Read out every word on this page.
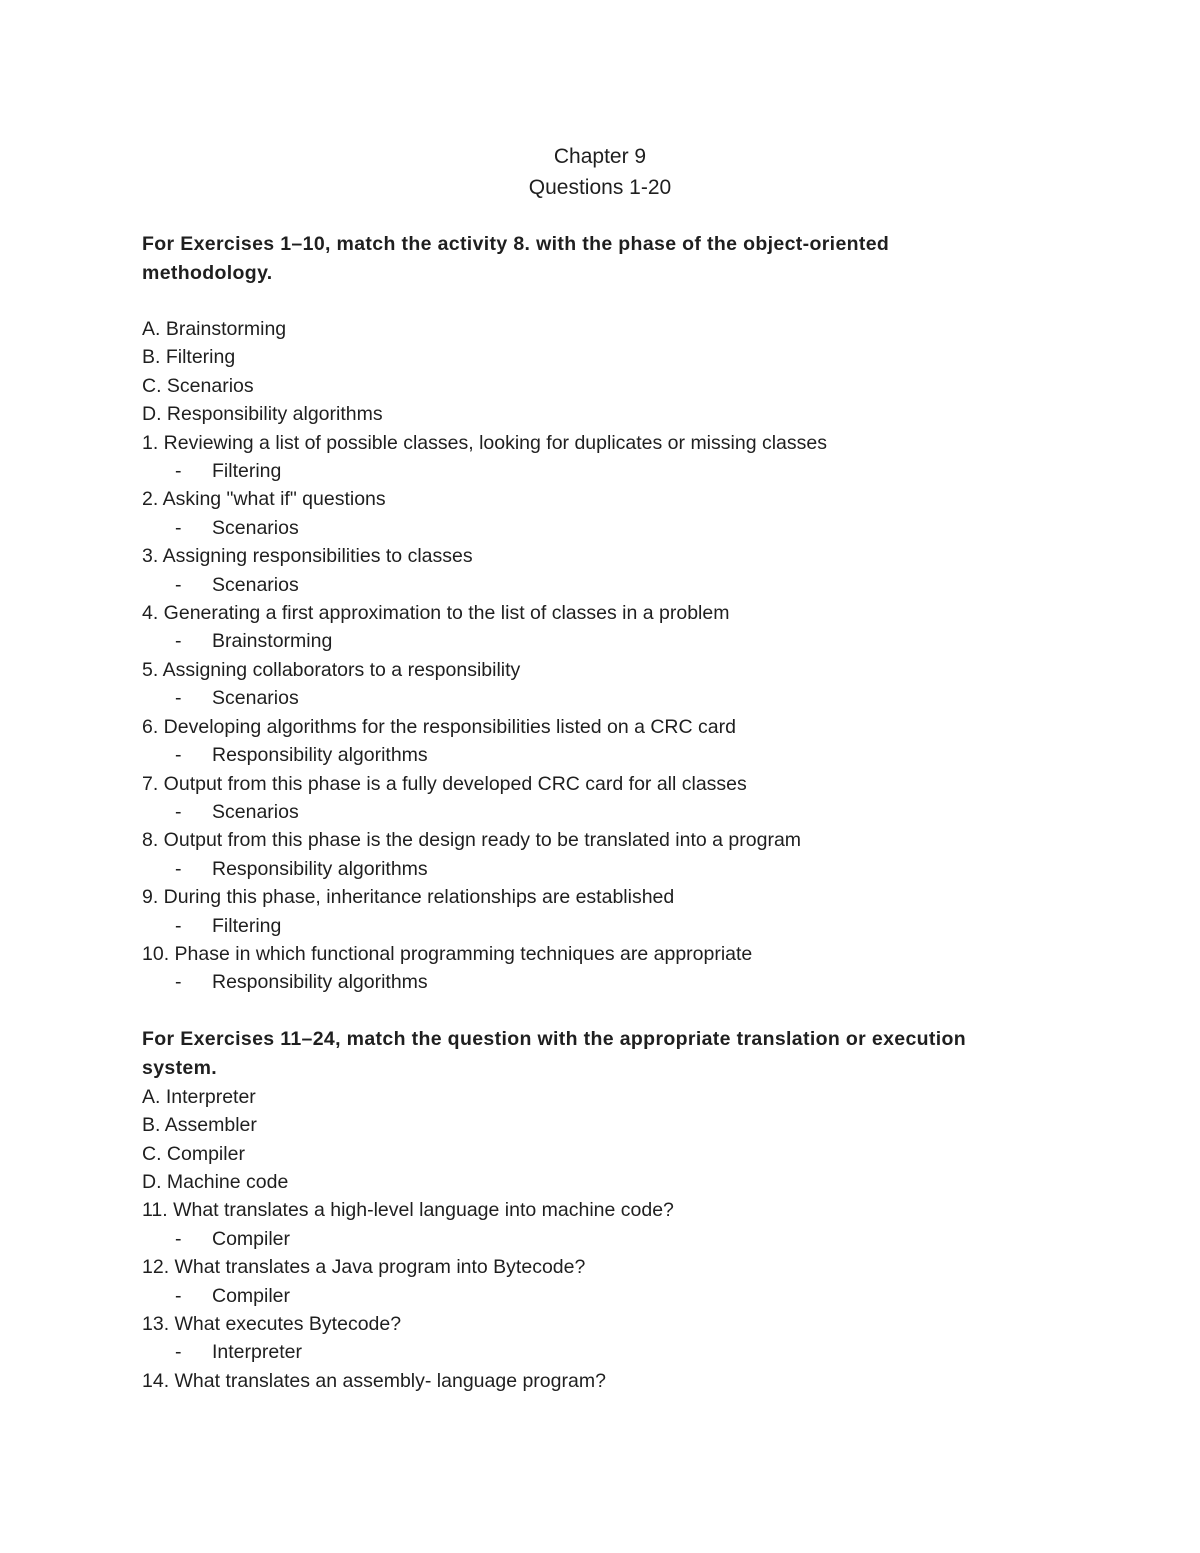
Chapter 9
Questions 1-20
For Exercises 1–10, match the activity 8. with the phase of the object-oriented
methodology.
A. Brainstorming
B. Filtering
C. Scenarios
D. Responsibility algorithms
1. Reviewing a list of possible classes, looking for duplicates or missing classes
- Filtering
2. Asking "what if" questions
- Scenarios
3. Assigning responsibilities to classes
- Scenarios
4. Generating a first approximation to the list of classes in a problem
- Brainstorming
5. Assigning collaborators to a responsibility
- Scenarios
6. Developing algorithms for the responsibilities listed on a CRC card
- Responsibility algorithms
7. Output from this phase is a fully developed CRC card for all classes
- Scenarios
8. Output from this phase is the design ready to be translated into a program
- Responsibility algorithms
9. During this phase, inheritance relationships are established
- Filtering
10. Phase in which functional programming techniques are appropriate
- Responsibility algorithms
For Exercises 11–24, match the question with the appropriate translation or execution
system.
A. Interpreter
B. Assembler
C. Compiler
D. Machine code
11. What translates a high-level language into machine code?
- Compiler
12. What translates a Java program into Bytecode?
- Compiler
13. What executes Bytecode?
- Interpreter
14. What translates an assembly- language program?
